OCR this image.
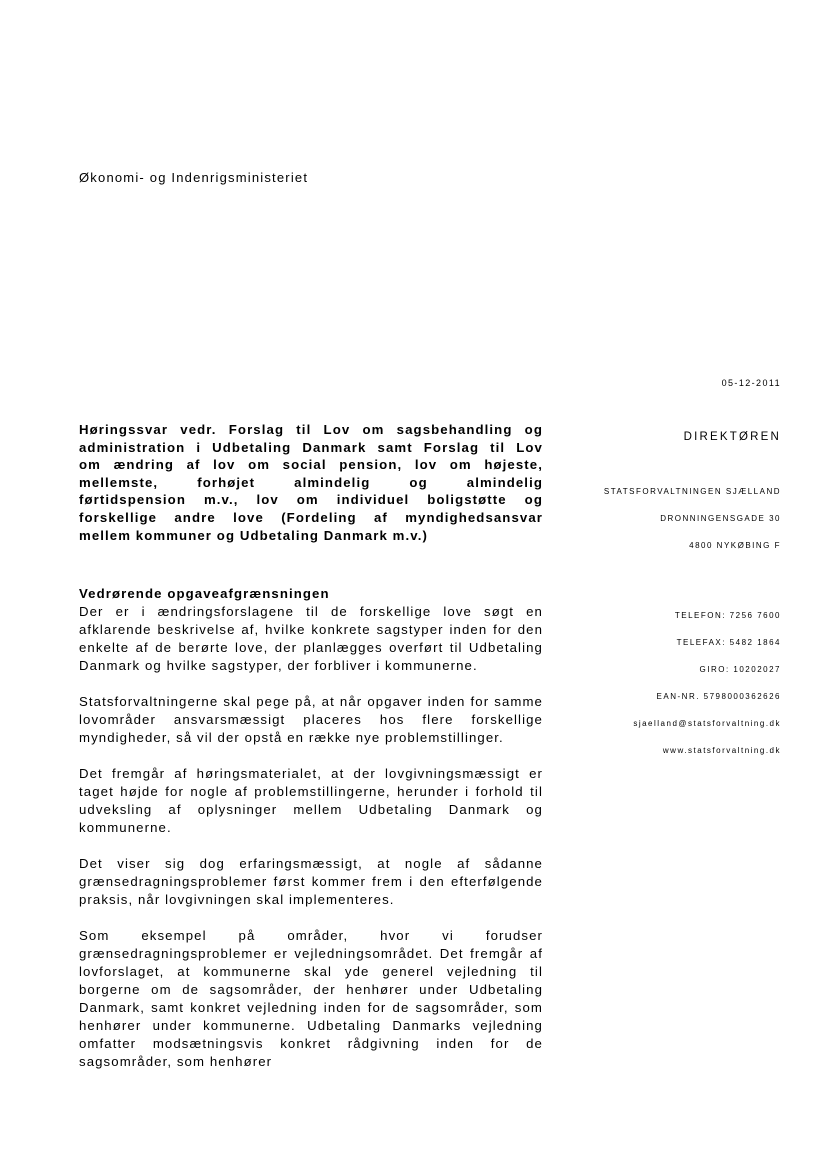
Økonomi- og Indenrigsministeriet
05-12-2011
Høringssvar vedr. Forslag til Lov om sagsbehandling og
administration i Udbetaling Danmark samt Forslag til Lov
om ændring af lov om social pension, lov om højeste,
mellemste, forhøjet almindelig og almindelig
førtidspension m.v., lov om individuel boligstøtte og
forskellige andre love (Fordeling af myndighedsansvar
mellem kommuner og Udbetaling Danmark m.v.)
DIREKTØREN
STATSFORVALTNINGEN SJÆLLAND
DRONNINGENSGADE 30
4800 NYKØBING F
TELEFON: 7256 7600
TELEFAX: 5482 1864
GIRO: 10202027
EAN-NR. 5798000362626
sjaelland@statsforvaltning.dk
www.statsforvaltning.dk
Vedrørende opgaveafgrænsningen

Der er i ændringsforslagene til de forskellige love søgt en afklarende beskrivelse af, hvilke konkrete sagstyper inden for den enkelte af de berørte love, der planlægges overført til Udbetaling Danmark og hvilke sagstyper, der forbliver i kommunerne.

Statsforvaltningerne skal pege på, at når opgaver inden for samme lovområder ansvarsmæssigt placeres hos flere forskellige myndigheder, så vil der opstå en række nye problemstillinger.

Det fremgår af høringsmaterialet, at der lovgivningsmæssigt er taget højde for nogle af problemstillingerne, herunder i forhold til udveksling af oplysninger mellem Udbetaling Danmark og kommunerne.

Det viser sig dog erfaringsmæssigt, at nogle af sådanne grænsedragningsproblemer først kommer frem i den efterfølgende praksis, når lovgivningen skal implementeres.

Som eksempel på områder, hvor vi forudser grænsedragningsproblemer er vejledningsområdet. Det fremgår af lovforslaget, at kommunerne skal yde generel vejledning til borgerne om de sagsområder, der henhører under Udbetaling Danmark, samt konkret vejledning inden for de sagsområder, som henhører under kommunerne. Udbetaling Danmarks vejledning omfatter modsætningsvis konkret rådgivning inden for de sagsområder, som henhører
